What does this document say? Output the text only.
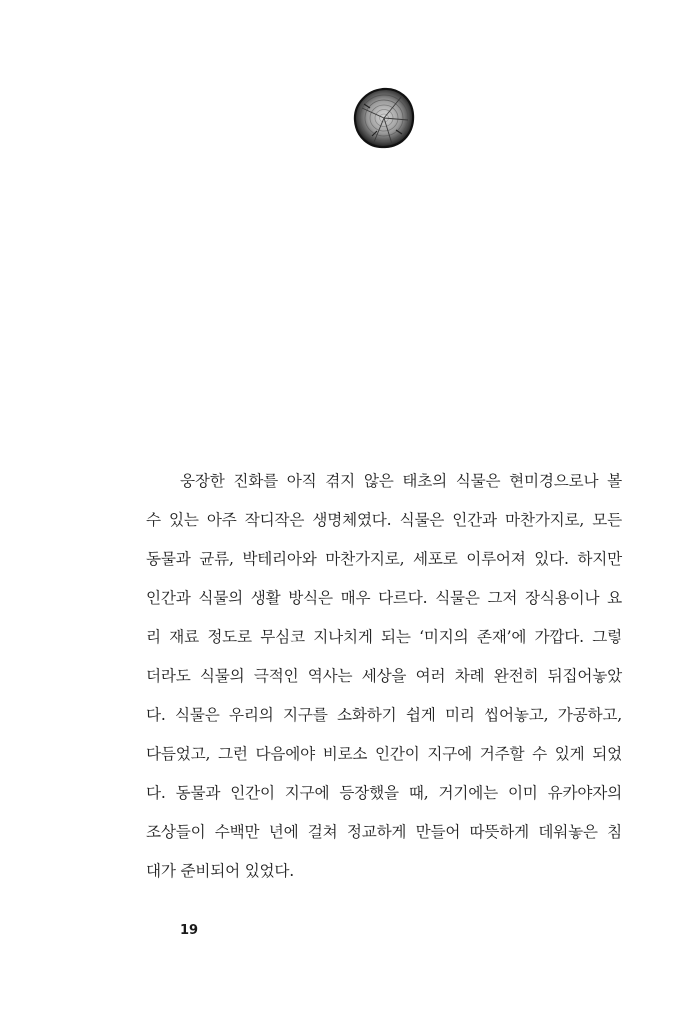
웅장한 진화를 아직 겪지 않은 태초의 식물은 현미경으로나 볼
수 있는 아주 작디작은 생명체였다. 식물은 인간과 마찬가지로, 모든
동물과 균류, 박테리아와 마찬가지로, 세포로 이루어져 있다. 하지만
인간과 식물의 생활 방식은 매우 다르다. 식물은 그저 장식용이나 요
리 재료 정도로 무심코 지나치게 되는 ‘미지의 존재’에 가깝다. 그렇
더라도 식물의 극적인 역사는 세상을 여러 차례 완전히 뒤집어놓았
다. 식물은 우리의 지구를 소화하기 쉽게 미리 씹어놓고, 가공하고,
다듬었고, 그런 다음에야 비로소 인간이 지구에 거주할 수 있게 되었
다. 동물과 인간이 지구에 등장했을 때, 거기에는 이미 유카야자의
조상들이 수백만 년에 걸쳐 정교하게 만들어 따뜻하게 데워놓은 침
대가 준비되어 있었다.
19
